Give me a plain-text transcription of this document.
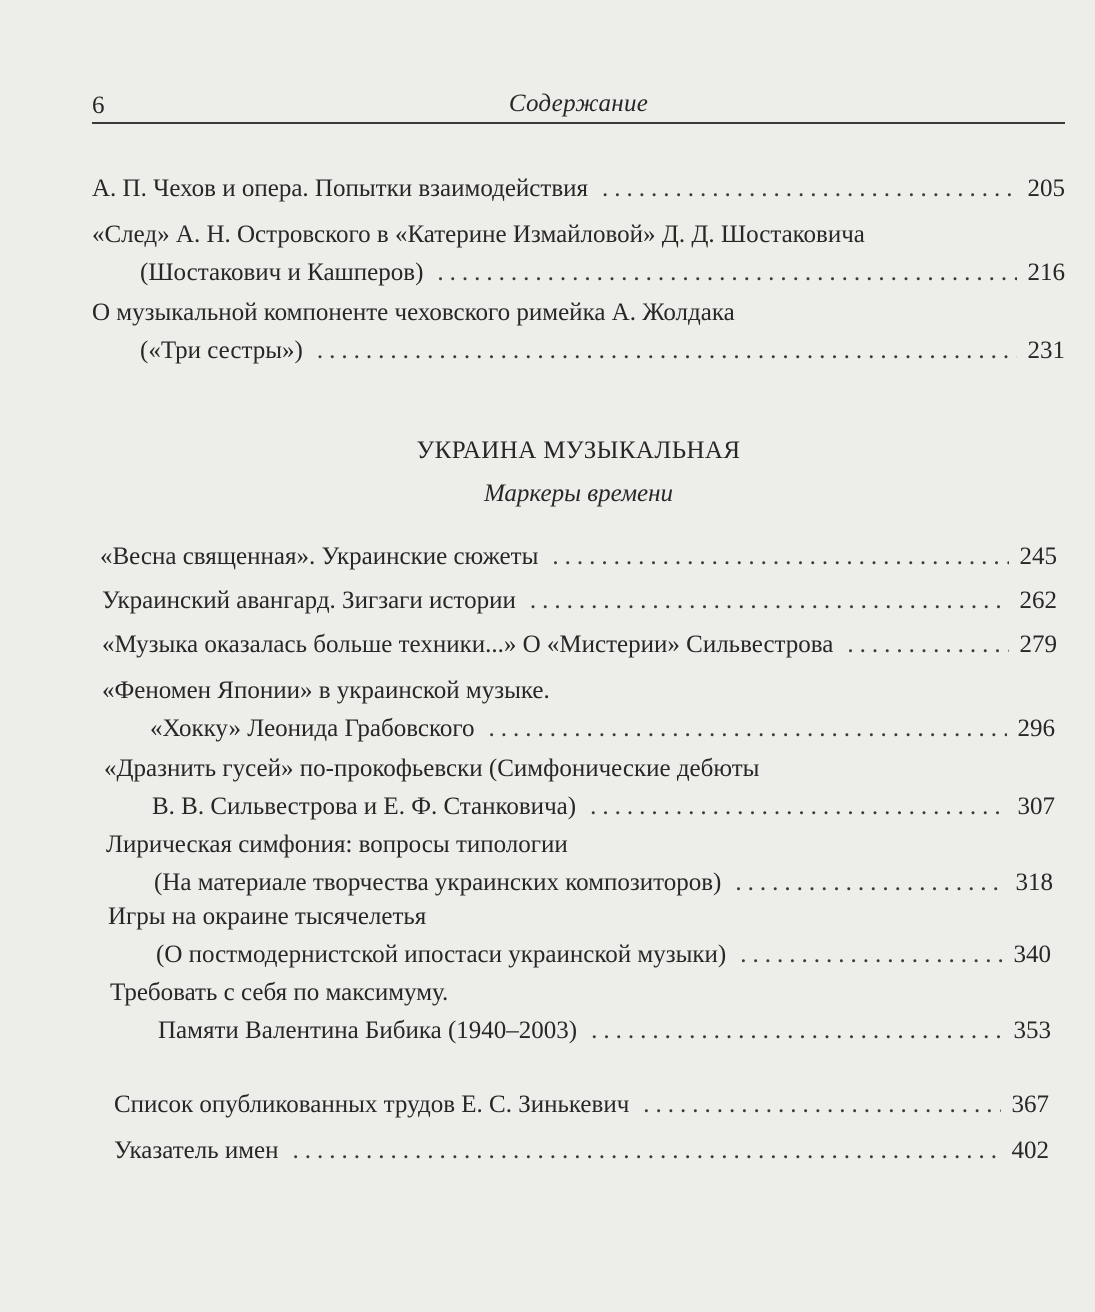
6	Содержание
А. П. Чехов и опера. Попытки взаимодействия .....	205
«След» А. Н. Островского в «Катерине Измайловой» Д. Д. Шостаковича
(Шостакович и Кашперов) .....	216
О музыкальной компоненте чеховского римейка А. Жолдака
(«Три сестры») .....	231
УКРАИНА МУЗЫКАЛЬНАЯ
Маркеры времени
«Весна священная». Украинские сюжеты .....	245
Украинский авангард. Зигзаги истории .....	262
«Музыка оказалась больше техники...» О «Мистерии» Сильвестрова .....	279
«Феномен Японии» в украинской музыке.
«Хокку» Леонида Грабовского .....	296
«Дразнить гусей» по-прокофьевски (Симфонические дебюты
В. В. Сильвестрова и Е. Ф. Станковича) .....	307
Лирическая симфония: вопросы типологии
(На материале творчества украинских композиторов) .....	318
Игры на окраине тысячелетья
(О постмодернистской ипостаси украинской музыки) .....	340
Требовать с себя по максимуму.
Памяти Валентина Бибика (1940–2003) .....	353
Список опубликованных трудов Е. С. Зинькевич .....	367
Указатель имен .....	402
